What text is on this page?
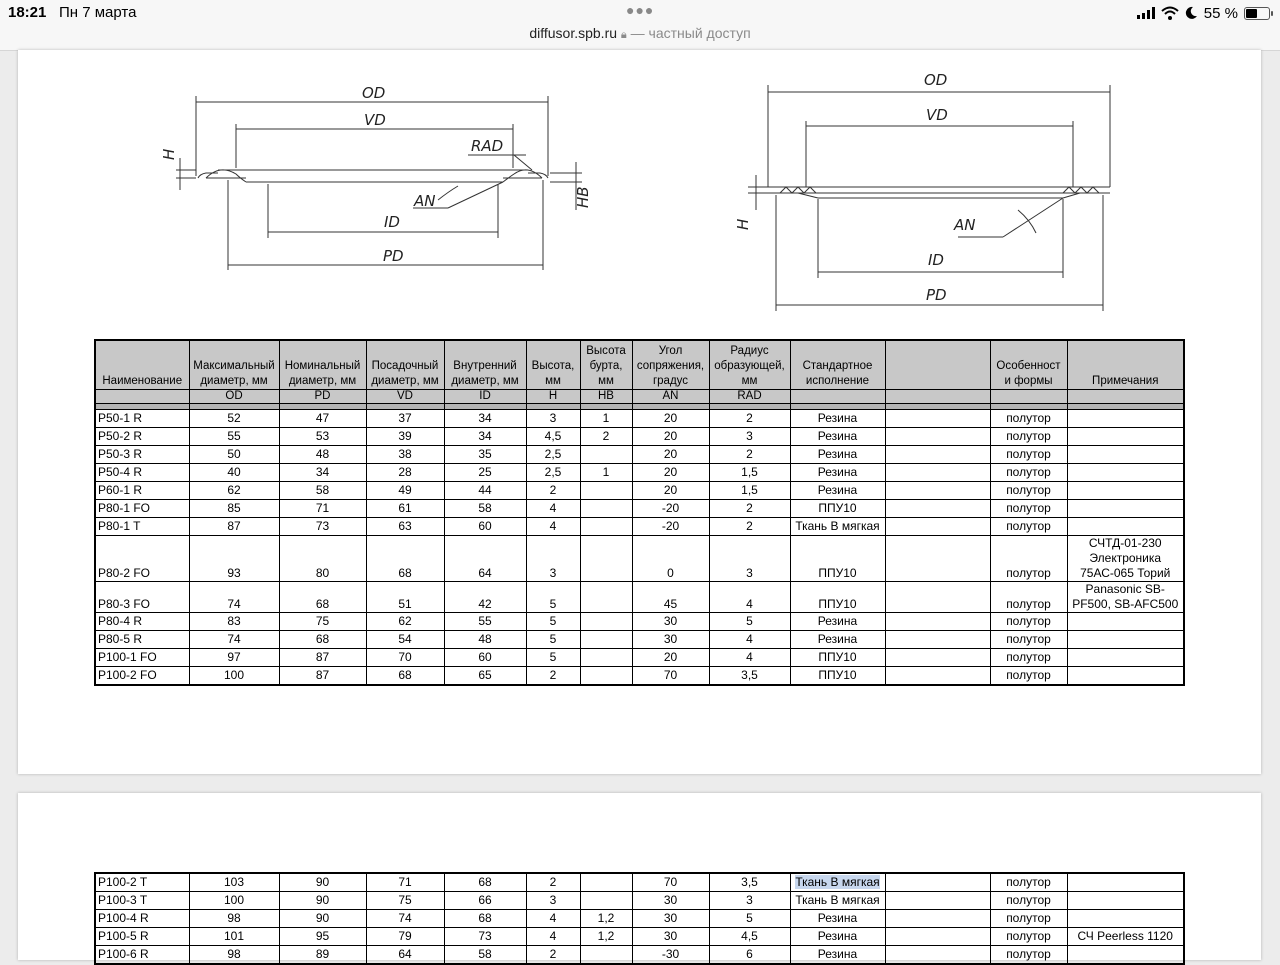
18:21 Пн 7 марта	●●●
diffusor.spb.ru 🔒︎ — частный доступ
55 %
OD
VD
RAD
H
AN
ID
HB
PD
OD
VD
H	AN
ID
PD
Наименование	Максимальный диаметр, мм	Номинальный диаметр, мм	Посадочный диаметр, мм	Внутренний диаметр, мм	Высота, мм	Высота бурта, мм	Угол сопряжения, градус	Радиус образующей, мм	Стандартное исполнение		Особенност и формы	Примечания
	OD	PD	VD	ID	H	HB	AN	RAD				

P50-1 R	52	47	37	34	3	1	20	2	Резина		полутор	
P50-2 R	55	53	39	34	4,5	2	20	3	Резина		полутор	
P50-3 R	50	48	38	35	2,5		20	2	Резина		полутор	
P50-4 R	40	34	28	25	2,5	1	20	1,5	Резина		полутор	
P60-1 R	62	58	49	44	2		20	1,5	Резина		полутор	
P80-1 FO	85	71	61	58	4		-20	2	ППУ10		полутор	
P80-1 T	87	73	63	60	4		-20	2	Ткань В мягкая		полутор	
P80-2 FO	93	80	68	64	3		0	3	ППУ10		полутор	СЧТД-01-230 Электроника 75АС-065 Торий
P80-3 FO	74	68	51	42	5		45	4	ППУ10		полутор	Panasonic SB-PF500, SB-AFC500
P80-4 R	83	75	62	55	5		30	5	Резина		полутор	
P80-5 R	74	68	54	48	5		30	4	Резина		полутор	
P100-1 FO	97	87	70	60	5		20	4	ППУ10		полутор	
P100-2 FO	100	87	68	65	2		70	3,5	ППУ10		полутор	
P100-2 T	103	90	71	68	2		70	3,5	Ткань В мягкая		полутор	
P100-3 T	100	90	75	66	3		30	3	Ткань В мягкая		полутор	
P100-4 R	98	90	74	68	4	1,2	30	5	Резина		полутор	
P100-5 R	101	95	79	73	4	1,2	30	4,5	Резина		полутор	СЧ Peerless 1120
P100-6 R	98	89	64	58	2		-30	6	Резина		полутор	
